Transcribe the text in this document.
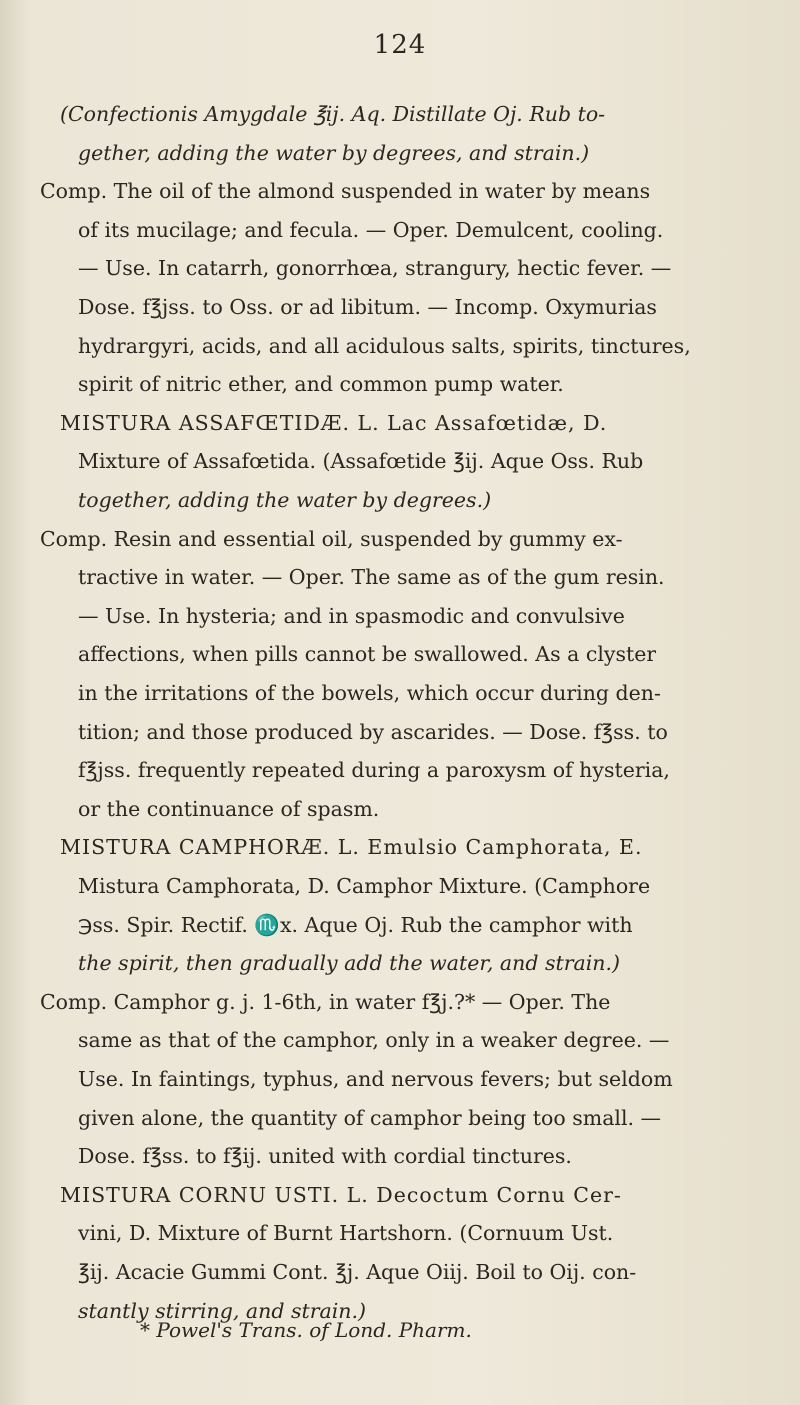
124
(Confectionis Amygdale ℥ij. Aq. Distillate Oj. Rub to-
gether, adding the water by degrees, and strain.)
Comp. The oil of the almond suspended in water by means
of its mucilage; and fecula. — Oper. Demulcent, cooling.
— Use. In catarrh, gonorrhœa, strangury, hectic fever. —
Dose. f℥jss. to Oss. or ad libitum. — Incomp. Oxymurias
hydrargyri, acids, and all acidulous salts, spirits, tinctures,
spirit of nitric ether, and common pump water.
MISTURA ASSAFŒTIDÆ. L. Lac Assafœtidæ, D.
Mixture of Assafœtida. (Assafœtide ℥ij. Aque Oss. Rub
together, adding the water by degrees.)
Comp. Resin and essential oil, suspended by gummy ex-
tractive in water. — Oper. The same as of the gum resin.
— Use. In hysteria; and in spasmodic and convulsive
affections, when pills cannot be swallowed. As a clyster
in the irritations of the bowels, which occur during den-
tition; and those produced by ascarides. — Dose. f℥ss. to
f℥jss. frequently repeated during a paroxysm of hysteria,
or the continuance of spasm.
MISTURA CAMPHORÆ. L. Emulsio Camphorata, E.
Mistura Camphorata, D. Camphor Mixture. (Camphore
℈ss. Spir. Rectif. ♏x. Aque Oj. Rub the camphor with
the spirit, then gradually add the water, and strain.)
Comp. Camphor g. j. 1-6th, in water f℥j.?* — Oper. The
same as that of the camphor, only in a weaker degree. —
Use. In faintings, typhus, and nervous fevers; but seldom
given alone, the quantity of camphor being too small. —
Dose. f℥ss. to f℥ij. united with cordial tinctures.
MISTURA CORNU USTI. L. Decoctum Cornu Cer-
vini, D. Mixture of Burnt Hartshorn. (Cornuum Ust.
℥ij. Acacie Gummi Cont. ℥j. Aque Oiij. Boil to Oij. con-
stantly stirring, and strain.)
* Powel's Trans. of Lond. Pharm.
